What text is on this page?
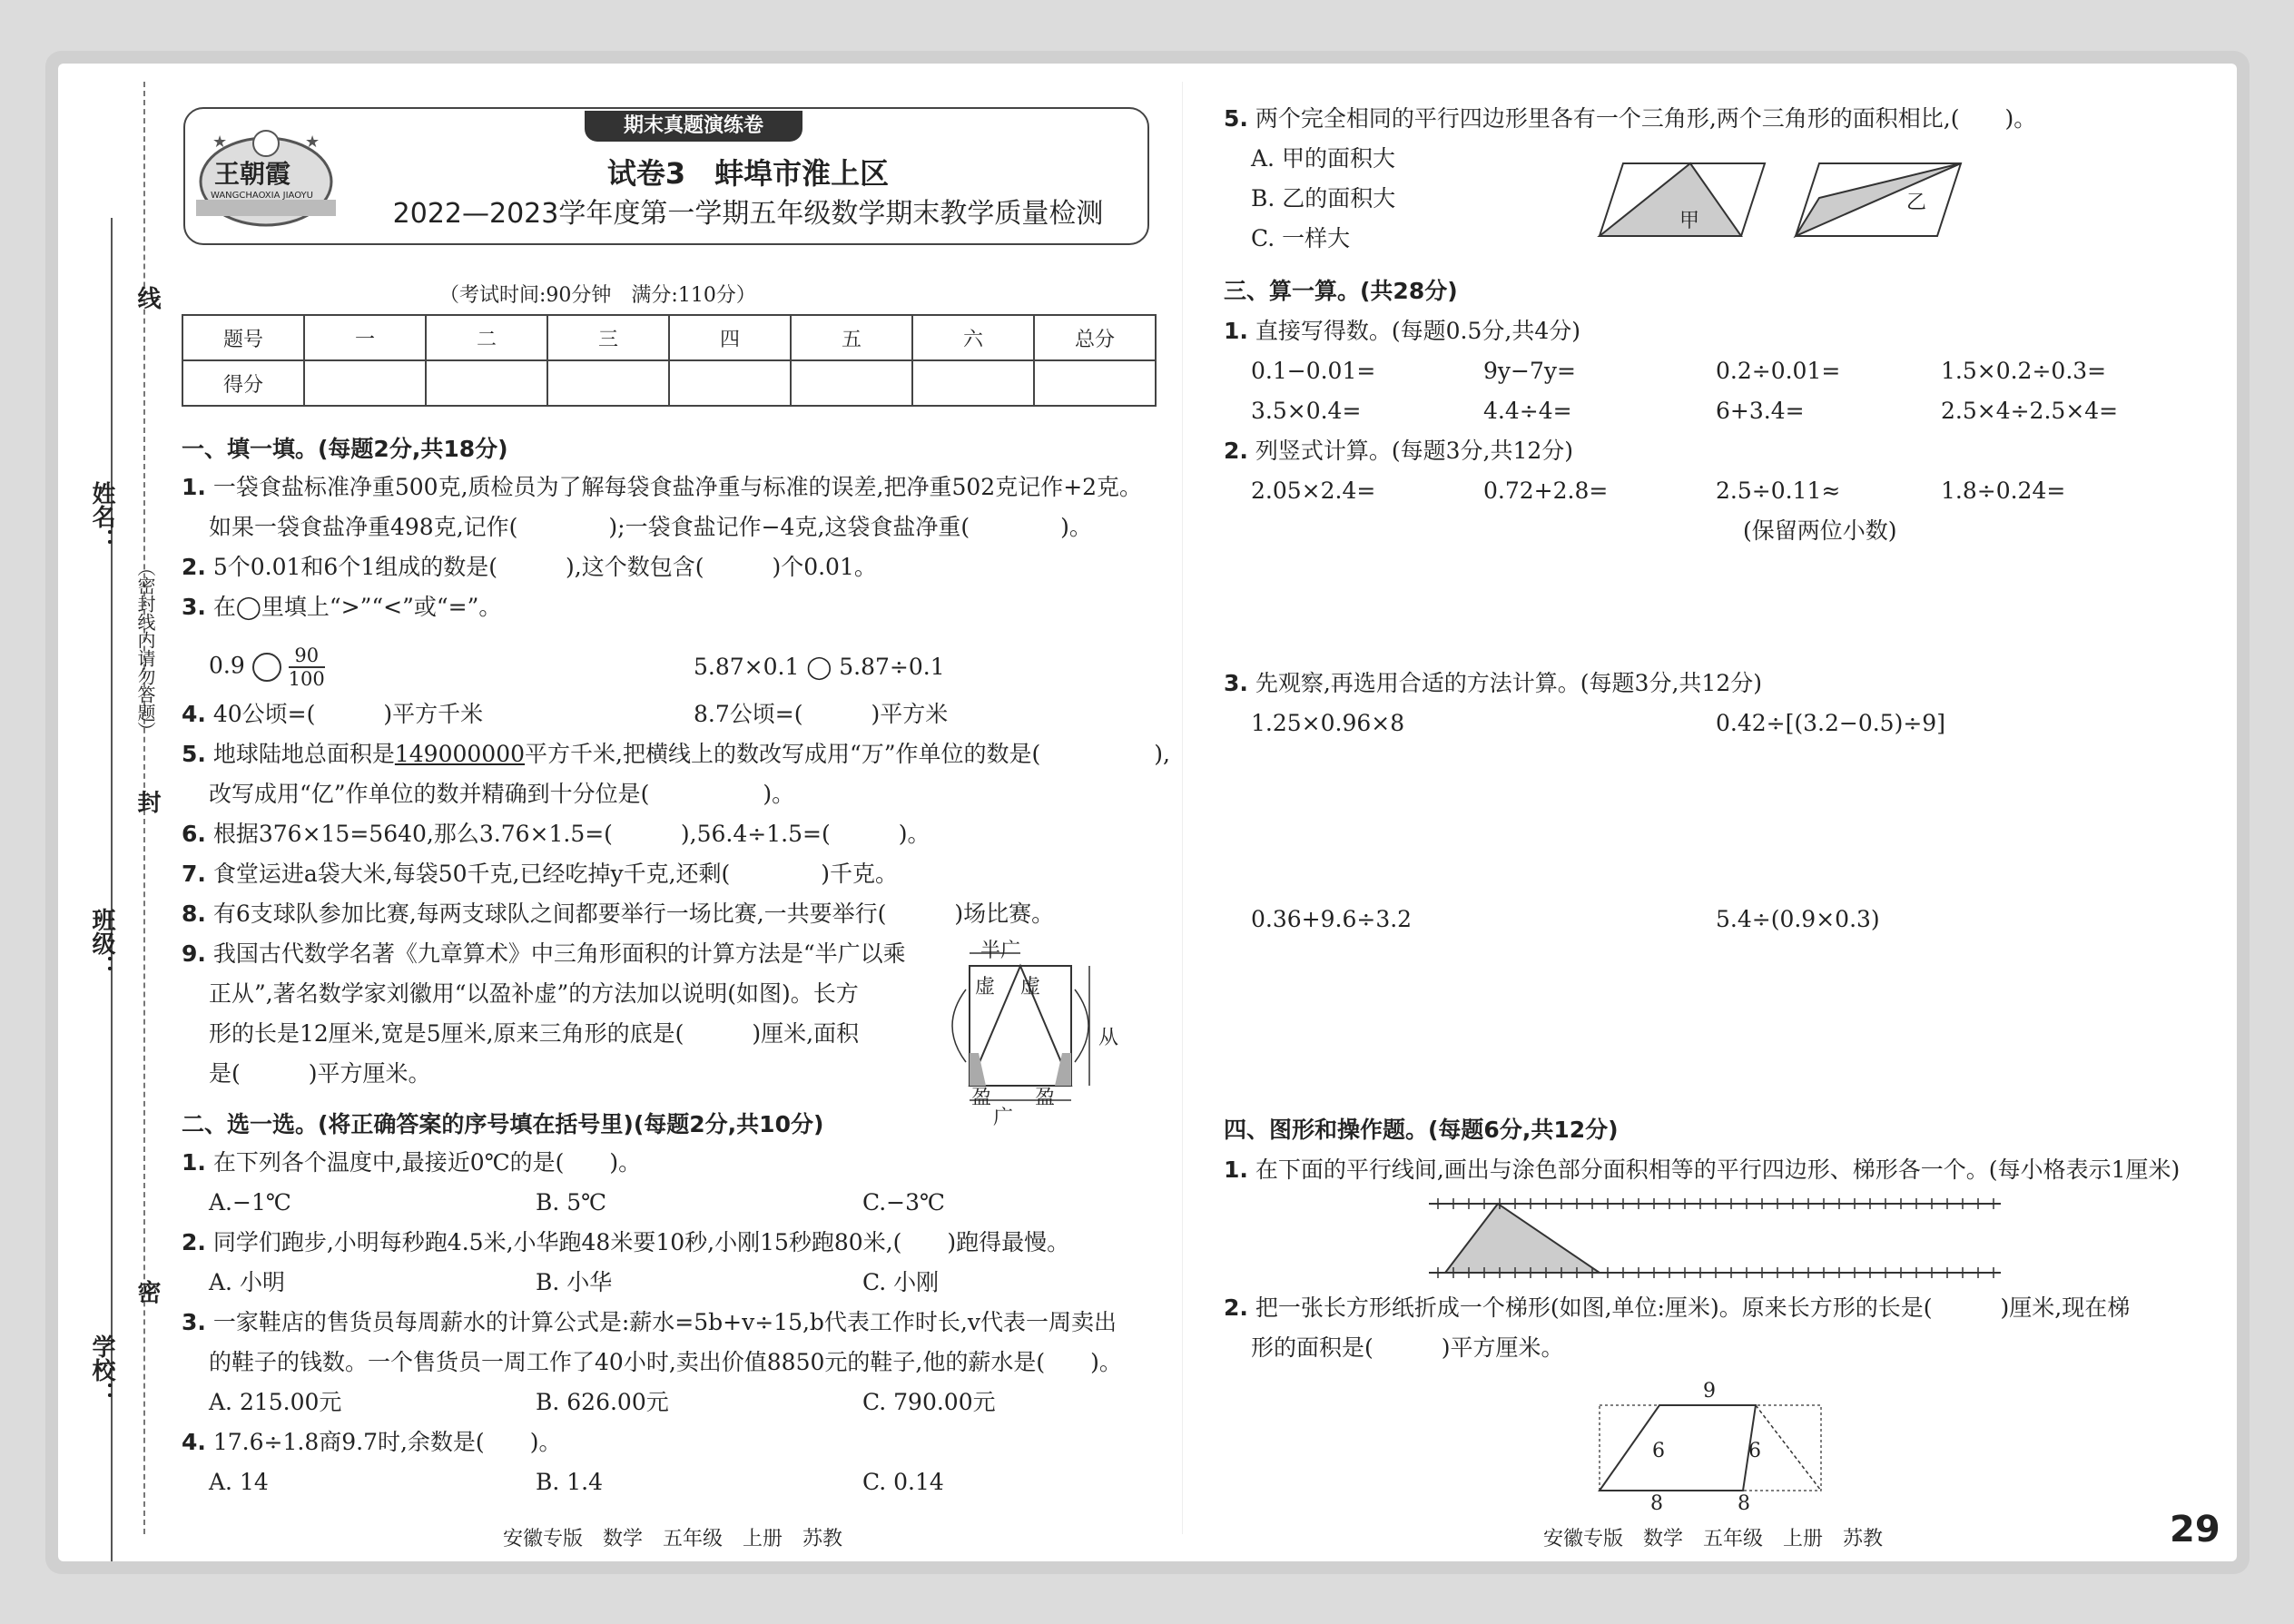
线
（密封线内请勿答题）
封
密
姓名：
班级：
学校：
期末真题演练卷
★	★
王朝霞
WANGCHAOXIA JIAOYU
试卷3　蚌埠市淮上区
2022—2023学年度第一学期五年级数学期末教学质量检测
（考试时间:90分钟　满分:110分）
题号	一	二	三	四	五	六	总分
得分							
一、填一填。(每题2分,共18分)
1. 一袋食盐标准净重500克,质检员为了解每袋食盐净重与标准的误差,把净重502克记作+2克。
如果一袋食盐净重498克,记作(　　　　);一袋食盐记作−4克,这袋食盐净重(　　　　)。
2. 5个0.01和6个1组成的数是(　　　),这个数包含(　　　)个0.01。
3. 在◯里填上“>”“<”或“=”。
$0.9 \frac{90}{100}$	5.87×0.1 ◯ 5.87÷0.1
4. 40公顷=(　　　)平方千米	8.7公顷=(　　　)平方米
5. 地球陆地总面积是149000000平方千米,把横线上的数改写成用“万”作单位的数是(　　　　　),
改写成用“亿”作单位的数并精确到十分位是(　　　　　)。
6. 根据376×15=5640,那么3.76×1.5=(　　　),56.4÷1.5=(　　　)。
7. 食堂运进a袋大米,每袋50千克,已经吃掉y千克,还剩(　　　　)千克。
8. 有6支球队参加比赛,每两支球队之间都要举行一场比赛,一共要举行(　　　)场比赛。
9. 我国古代数学名著《九章算术》中三角形面积的计算方法是“半广以乘
正从”,著名数学家刘徽用“以盈补虚”的方法加以说明(如图)。长方
形的长是12厘米,宽是5厘米,原来三角形的底是(　　　)厘米,面积
是(　　　)平方厘米。
半广
虚 虚
盈 盈
从
广
二、选一选。(将正确答案的序号填在括号里)(每题2分,共10分)
1. 在下列各个温度中,最接近0℃的是(　　)。
A.−1℃	B. 5℃	C.−3℃
2. 同学们跑步,小明每秒跑4.5米,小华跑48米要10秒,小刚15秒跑80米,(　　)跑得最慢。
A. 小明	B. 小华	C. 小刚
3. 一家鞋店的售货员每周薪水的计算公式是:薪水=5b+v÷15,b代表工作时长,v代表一周卖出
的鞋子的钱数。一个售货员一周工作了40小时,卖出价值8850元的鞋子,他的薪水是(　　)。
A. 215.00元	B. 626.00元	C. 790.00元
4. 17.6÷1.8商9.7时,余数是(　　)。
A. 14	B. 1.4	C. 0.14
安徽专版　数学　五年级　上册　苏教
5. 两个完全相同的平行四边形里各有一个三角形,两个三角形的面积相比,(　　)。
A. 甲的面积大
B. 乙的面积大
C. 一样大
甲
乙
三、算一算。(共28分)
1. 直接写得数。(每题0.5分,共4分)
0.1−0.01=	9y−7y=	0.2÷0.01=	1.5×0.2÷0.3=
3.5×0.4=	4.4÷4=	6+3.4=	2.5×4÷2.5×4=
2. 列竖式计算。(每题3分,共12分)
2.05×2.4=	0.72+2.8=	2.5÷0.11≈	1.8÷0.24=
(保留两位小数)
3. 先观察,再选用合适的方法计算。(每题3分,共12分)
1.25×0.96×8	0.42÷[(3.2−0.5)÷9]
0.36+9.6÷3.2	5.4÷(0.9×0.3)
四、图形和操作题。(每题6分,共12分)
1. 在下面的平行线间,画出与涂色部分面积相等的平行四边形、梯形各一个。(每小格表示1厘米)
2. 把一张长方形纸折成一个梯形(如图,单位:厘米)。原来长方形的长是(　　　)厘米,现在梯
形的面积是(　　　)平方厘米。
9
6	6
8	8
安徽专版　数学　五年级　上册　苏教	29
